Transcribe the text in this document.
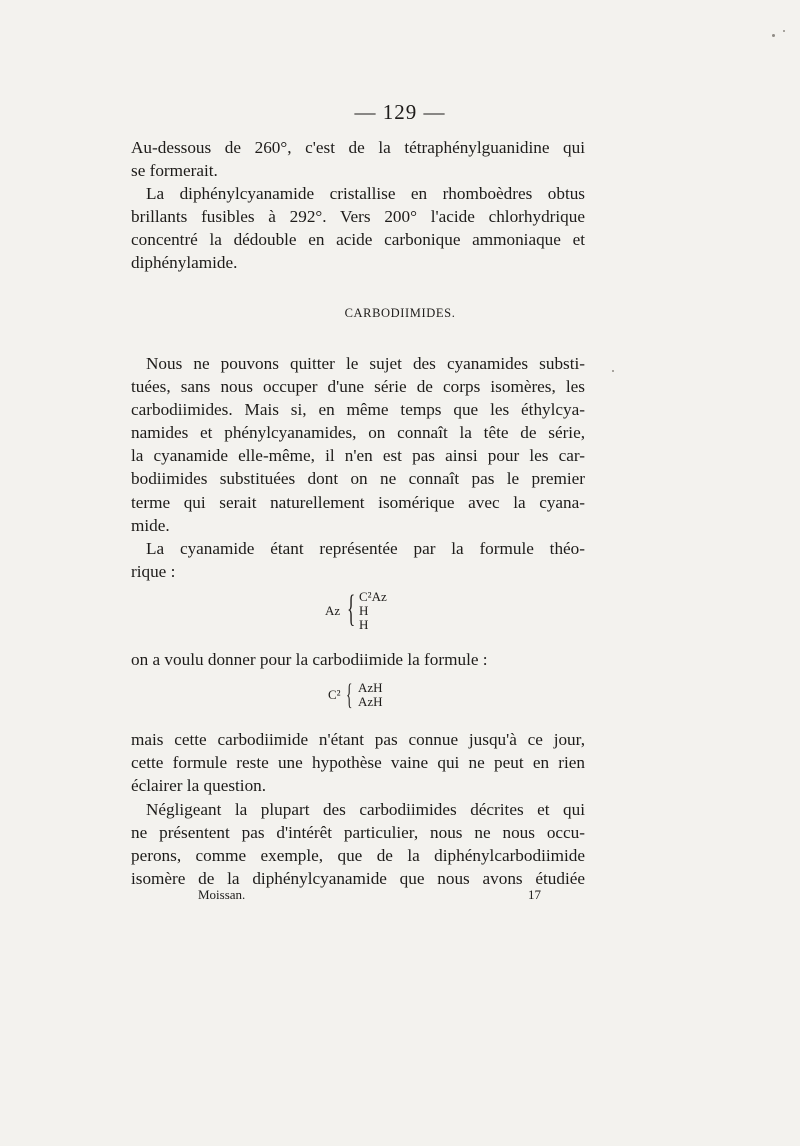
— 129 —
Au-dessous de 260°, c'est de la tétraphénylguanidine qui
se formerait.
La diphénylcyanamide cristallise en rhomboèdres obtus
brillants fusibles à 292°. Vers 200° l'acide chlorhydrique
concentré la dédouble en acide carbonique ammoniaque et
diphénylamide.
CARBODIIMIDES.
Nous ne pouvons quitter le sujet des cyanamides substi-
tuées, sans nous occuper d'une série de corps isomères, les
carbodiimides. Mais si, en même temps que les éthylcya-
namides et phénylcyanamides, on connaît la tête de série,
la cyanamide elle-même, il n'en est pas ainsi pour les car-
bodiimides substituées dont on ne connaît pas le premier
terme qui serait naturellement isomérique avec la cyana-
mide.
La cyanamide étant représentée par la formule théo-
rique :
Az { C²Az
H
H
on a voulu donner pour la carbodiimide la formule :
C² { AzH
AzH
mais cette carbodiimide n'étant pas connue jusqu'à ce jour,
cette formule reste une hypothèse vaine qui ne peut en rien
éclairer la question.
Négligeant la plupart des carbodiimides décrites et qui
ne présentent pas d'intérêt particulier, nous ne nous occu-
perons, comme exemple, que de la diphénylcarbodiimide
isomère de la diphénylcyanamide que nous avons étudiée
Moissan.	17
